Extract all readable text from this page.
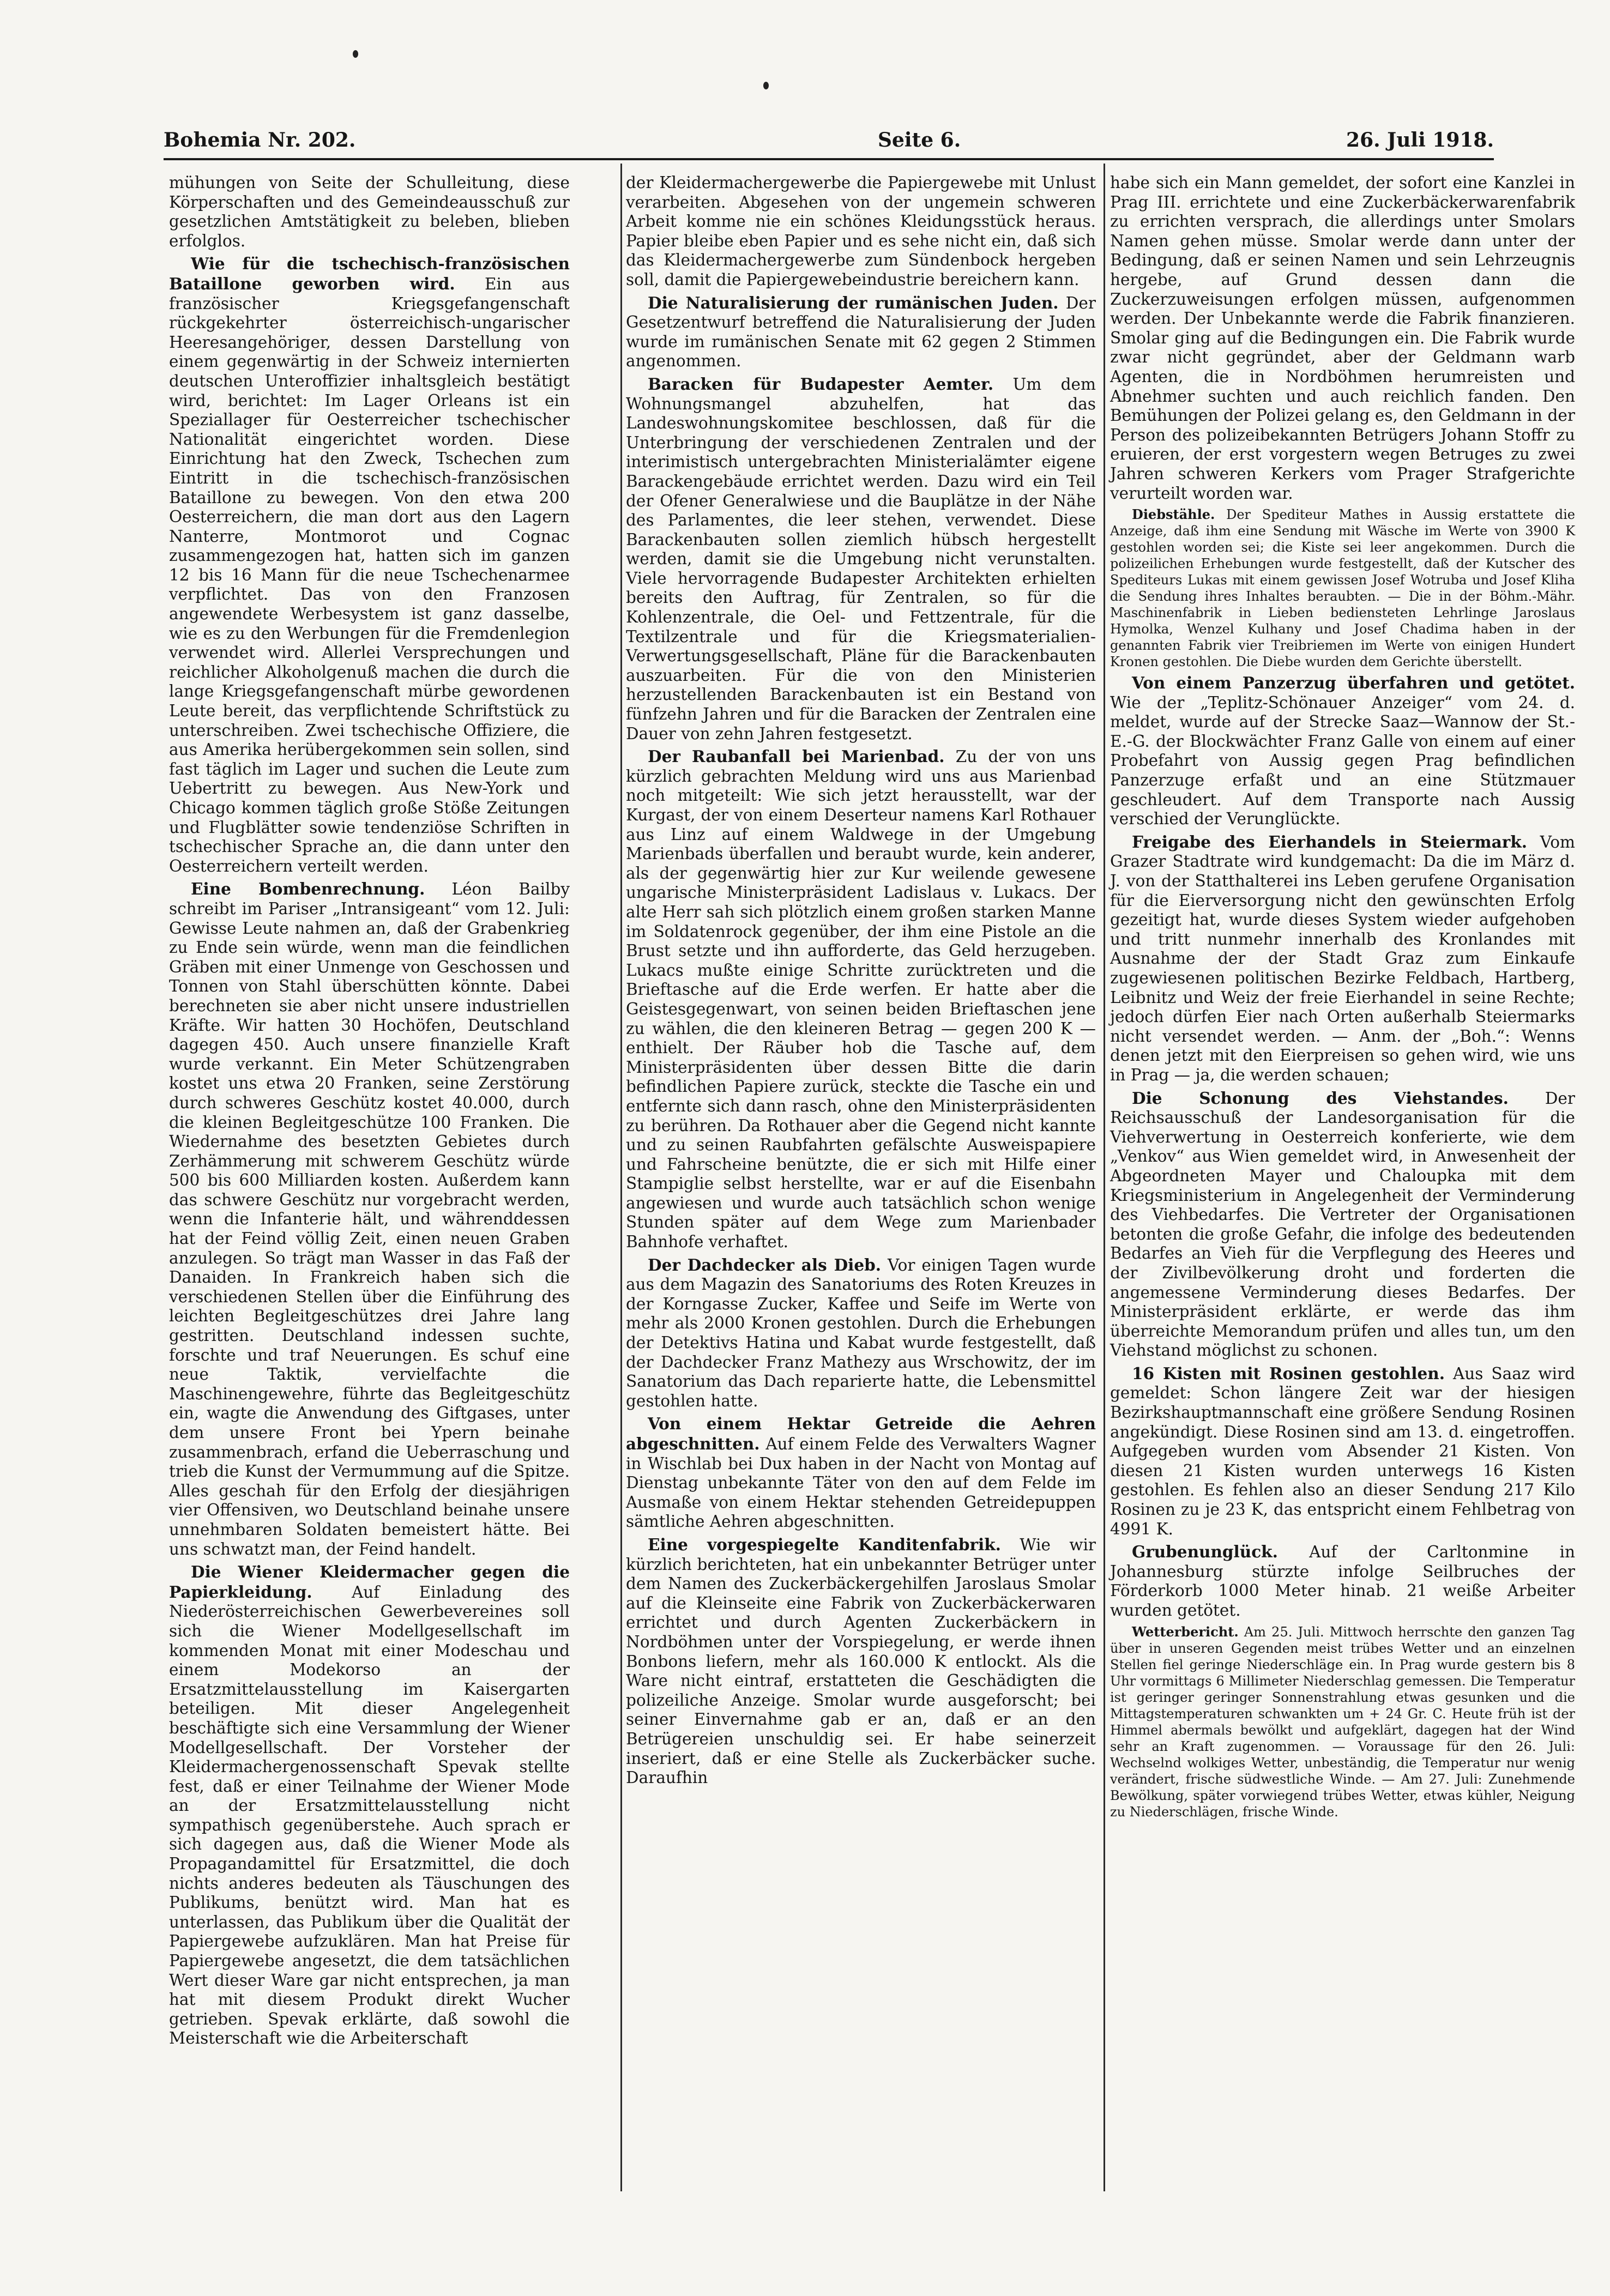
Bohemia Nr. 202.	Seite 6.	26. Juli 1918.

mühungen von Seite der Schulleitung, diese Körperschaften und des Gemeindeausschuß zur gesetzlichen Amtstätigkeit zu beleben, blieben erfolglos.

Wie für die tschechisch-französischen Bataillone geworben wird. Ein aus französischer Kriegsgefangenschaft rückgekehrter österreichisch-ungarischer Heeresangehöriger, dessen Darstellung von einem gegenwärtig in der Schweiz internierten deutschen Unteroffizier inhaltsgleich bestätigt wird, berichtet: Im Lager Orleans ist ein Speziallager für Oesterreicher tschechischer Nationalität eingerichtet worden. Diese Einrichtung hat den Zweck, Tschechen zum Eintritt in die tschechisch-französischen Bataillone zu bewegen. Von den etwa 200 Oesterreichern, die man dort aus den Lagern Nanterre, Montmorot und Cognac zusammengezogen hat, hatten sich im ganzen 12 bis 16 Mann für die neue Tschechenarmee verpflichtet. Das von den Franzosen angewendete Werbesystem ist ganz dasselbe, wie es zu den Werbungen für die Fremdenlegion verwendet wird. Allerlei Versprechungen und reichlicher Alkoholgenuß machen die durch die lange Kriegsgefangenschaft mürbe gewordenen Leute bereit, das verpflichtende Schriftstück zu unterschreiben. Zwei tschechische Offiziere, die aus Amerika herübergekommen sein sollen, sind fast täglich im Lager und suchen die Leute zum Uebertritt zu bewegen. Aus New-York und Chicago kommen täglich große Stöße Zeitungen und Flugblätter sowie tendenziöse Schriften in tschechischer Sprache an, die dann unter den Oesterreichern verteilt werden.

Eine Bombenrechnung. Léon Bailby schreibt im Pariser „Intransigeant“ vom 12. Juli: Gewisse Leute nahmen an, daß der Grabenkrieg zu Ende sein würde, wenn man die feindlichen Gräben mit einer Unmenge von Geschossen und Tonnen von Stahl überschütten könnte. Dabei berechneten sie aber nicht unsere industriellen Kräfte. Wir hatten 30 Hochöfen, Deutschland dagegen 450. Auch unsere finanzielle Kraft wurde verkannt. Ein Meter Schützengraben kostet uns etwa 20 Franken, seine Zerstörung durch schweres Geschütz kostet 40.000, durch die kleinen Begleitgeschütze 100 Franken. Die Wiedernahme des besetzten Gebietes durch Zerhämmerung mit schwerem Geschütz würde 500 bis 600 Milliarden kosten. Außerdem kann das schwere Geschütz nur vorgebracht werden, wenn die Infanterie hält, und währenddessen hat der Feind völlig Zeit, einen neuen Graben anzulegen. So trägt man Wasser in das Faß der Danaiden. In Frankreich haben sich die verschiedenen Stellen über die Einführung des leichten Begleitgeschützes drei Jahre lang gestritten. Deutschland indessen suchte, forschte und traf Neuerungen. Es schuf eine neue Taktik, vervielfachte die Maschinengewehre, führte das Begleitgeschütz ein, wagte die Anwendung des Giftgases, unter dem unsere Front bei Ypern beinahe zusammenbrach, erfand die Ueberraschung und trieb die Kunst der Vermummung auf die Spitze. Alles geschah für den Erfolg der diesjährigen vier Offensiven, wo Deutschland beinahe unsere unnehmbaren Soldaten bemeistert hätte. Bei uns schwatzt man, der Feind handelt.

Die Wiener Kleidermacher gegen die Papierkleidung. Auf Einladung des Niederösterreichischen Gewerbevereines soll sich die Wiener Modellgesellschaft im kommenden Monat mit einer Modeschau und einem Modekorso an der Ersatzmittelausstellung im Kaisergarten beteiligen. Mit dieser Angelegenheit beschäftigte sich eine Versammlung der Wiener Modellgesellschaft. Der Vorsteher der Kleidermachergenossenschaft Spevak stellte fest, daß er einer Teilnahme der Wiener Mode an der Ersatzmittelausstellung nicht sympathisch gegenüberstehe. Auch sprach er sich dagegen aus, daß die Wiener Mode als Propagandamittel für Ersatzmittel, die doch nichts anderes bedeuten als Täuschungen des Publikums, benützt wird. Man hat es unterlassen, das Publikum über die Qualität der Papiergewebe aufzuklären. Man hat Preise für Papiergewebe angesetzt, die dem tatsächlichen Wert dieser Ware gar nicht entsprechen, ja man hat mit diesem Produkt direkt Wucher getrieben. Spevak erklärte, daß sowohl die Meisterschaft wie die Arbeiterschaft

der Kleidermachergewerbe die Papiergewebe mit Unlust verarbeiten. Abgesehen von der ungemein schweren Arbeit komme nie ein schönes Kleidungsstück heraus. Papier bleibe eben Papier und es sehe nicht ein, daß sich das Kleidermachergewerbe zum Sündenbock hergeben soll, damit die Papiergewebeindustrie bereichern kann.

Die Naturalisierung der rumänischen Juden. Der Gesetzentwurf betreffend die Naturalisierung der Juden wurde im rumänischen Senate mit 62 gegen 2 Stimmen angenommen.

Baracken für Budapester Aemter. Um dem Wohnungsmangel abzuhelfen, hat das Landeswohnungskomitee beschlossen, daß für die Unterbringung der verschiedenen Zentralen und der interimistisch untergebrachten Ministerialämter eigene Barackengebäude errichtet werden. Dazu wird ein Teil der Ofener Generalwiese und die Bauplätze in der Nähe des Parlamentes, die leer stehen, verwendet. Diese Barackenbauten sollen ziemlich hübsch hergestellt werden, damit sie die Umgebung nicht verunstalten. Viele hervorragende Budapester Architekten erhielten bereits den Auftrag, für Zentralen, so für die Kohlenzentrale, die Oel- und Fettzentrale, für die Textilzentrale und für die Kriegsmaterialien-Verwertungsgesellschaft, Pläne für die Barackenbauten auszuarbeiten. Für die von den Ministerien herzustellenden Barackenbauten ist ein Bestand von fünfzehn Jahren und für die Baracken der Zentralen eine Dauer von zehn Jahren festgesetzt.

Der Raubanfall bei Marienbad. Zu der von uns kürzlich gebrachten Meldung wird uns aus Marienbad noch mitgeteilt: Wie sich jetzt herausstellt, war der Kurgast, der von einem Deserteur namens Karl Rothauer aus Linz auf einem Waldwege in der Umgebung Marienbads überfallen und beraubt wurde, kein anderer, als der gegenwärtig hier zur Kur weilende gewesene ungarische Ministerpräsident Ladislaus v. Lukacs. Der alte Herr sah sich plötzlich einem großen starken Manne im Soldatenrock gegenüber, der ihm eine Pistole an die Brust setzte und ihn aufforderte, das Geld herzugeben. Lukacs mußte einige Schritte zurücktreten und die Brieftasche auf die Erde werfen. Er hatte aber die Geistesgegenwart, von seinen beiden Brieftaschen jene zu wählen, die den kleineren Betrag — gegen 200 K — enthielt. Der Räuber hob die Tasche auf, dem Ministerpräsidenten über dessen Bitte die darin befindlichen Papiere zurück, steckte die Tasche ein und entfernte sich dann rasch, ohne den Ministerpräsidenten zu berühren. Da Rothauer aber die Gegend nicht kannte und zu seinen Raubfahrten gefälschte Ausweispapiere und Fahrscheine benützte, die er sich mit Hilfe einer Stampiglie selbst herstellte, war er auf die Eisenbahn angewiesen und wurde auch tatsächlich schon wenige Stunden später auf dem Wege zum Marienbader Bahnhofe verhaftet.

Der Dachdecker als Dieb. Vor einigen Tagen wurde aus dem Magazin des Sanatoriums des Roten Kreuzes in der Korngasse Zucker, Kaffee und Seife im Werte von mehr als 2000 Kronen gestohlen. Durch die Erhebungen der Detektivs Hatina und Kabat wurde festgestellt, daß der Dachdecker Franz Mathezy aus Wrschowitz, der im Sanatorium das Dach reparierte hatte, die Lebensmittel gestohlen hatte.

Von einem Hektar Getreide die Aehren abgeschnitten. Auf einem Felde des Verwalters Wagner in Wischlab bei Dux haben in der Nacht von Montag auf Dienstag unbekannte Täter von den auf dem Felde im Ausmaße von einem Hektar stehenden Getreidepuppen sämtliche Aehren abgeschnitten.

Eine vorgespiegelte Kanditenfabrik. Wie wir kürzlich berichteten, hat ein unbekannter Betrüger unter dem Namen des Zuckerbäckergehilfen Jaroslaus Smolar auf die Kleinseite eine Fabrik von Zuckerbäckerwaren errichtet und durch Agenten Zuckerbäckern in Nordböhmen unter der Vorspiegelung, er werde ihnen Bonbons liefern, mehr als 160.000 K entlockt. Als die Ware nicht eintraf, erstatteten die Geschädigten die polizeiliche Anzeige. Smolar wurde ausgeforscht; bei seiner Einvernahme gab er an, daß er an den Betrügereien unschuldig sei. Er habe seinerzeit inseriert, daß er eine Stelle als Zuckerbäcker suche. Daraufhin

habe sich ein Mann gemeldet, der sofort eine Kanzlei in Prag III. errichtete und eine Zuckerbäckerwarenfabrik zu errichten versprach, die allerdings unter Smolars Namen gehen müsse. Smolar werde dann unter der Bedingung, daß er seinen Namen und sein Lehrzeugnis hergebe, auf Grund dessen dann die Zuckerzuweisungen erfolgen müssen, aufgenommen werden. Der Unbekannte werde die Fabrik finanzieren. Smolar ging auf die Bedingungen ein. Die Fabrik wurde zwar nicht gegründet, aber der Geldmann warb Agenten, die in Nordböhmen herumreisten und Abnehmer suchten und auch reichlich fanden. Den Bemühungen der Polizei gelang es, den Geldmann in der Person des polizeibekannten Betrügers Johann Stoffr zu eruieren, der erst vorgestern wegen Betruges zu zwei Jahren schweren Kerkers vom Prager Strafgerichte verurteilt worden war.

Diebstähle. Der Spediteur Mathes in Aussig erstattete die Anzeige, daß ihm eine Sendung mit Wäsche im Werte von 3900 K gestohlen worden sei; die Kiste sei leer angekommen. Durch die polizeilichen Erhebungen wurde festgestellt, daß der Kutscher des Spediteurs Lukas mit einem gewissen Josef Wotruba und Josef Kliha die Sendung ihres Inhaltes beraubten. — Die in der Böhm.-Mähr. Maschinenfabrik in Lieben bediensteten Lehrlinge Jaroslaus Hymolka, Wenzel Kulhany und Josef Chadima haben in der genannten Fabrik vier Treibriemen im Werte von einigen Hundert Kronen gestohlen. Die Diebe wurden dem Gerichte überstellt.

Von einem Panzerzug überfahren und getötet. Wie der „Teplitz-Schönauer Anzeiger“ vom 24. d. meldet, wurde auf der Strecke Saaz—Wannow der St.-E.-G. der Blockwächter Franz Galle von einem auf einer Probefahrt von Aussig gegen Prag befindlichen Panzerzuge erfaßt und an eine Stützmauer geschleudert. Auf dem Transporte nach Aussig verschied der Verunglückte.

Freigabe des Eierhandels in Steiermark. Vom Grazer Stadtrate wird kundgemacht: Da die im März d. J. von der Statthalterei ins Leben gerufene Organisation für die Eierversorgung nicht den gewünschten Erfolg gezeitigt hat, wurde dieses System wieder aufgehoben und tritt nunmehr innerhalb des Kronlandes mit Ausnahme der der Stadt Graz zum Einkaufe zugewiesenen politischen Bezirke Feldbach, Hartberg, Leibnitz und Weiz der freie Eierhandel in seine Rechte; jedoch dürfen Eier nach Orten außerhalb Steiermarks nicht versendet werden. — Anm. der „Boh.“: Wenns denen jetzt mit den Eierpreisen so gehen wird, wie uns in Prag — ja, die werden schauen;

Die Schonung des Viehstandes. Der Reichsausschuß der Landesorganisation für die Viehverwertung in Oesterreich konferierte, wie dem „Venkov“ aus Wien gemeldet wird, in Anwesenheit der Abgeordneten Mayer und Chaloupka mit dem Kriegsministerium in Angelegenheit der Verminderung des Viehbedarfes. Die Vertreter der Organisationen betonten die große Gefahr, die infolge des bedeutenden Bedarfes an Vieh für die Verpflegung des Heeres und der Zivilbevölkerung droht und forderten die angemessene Verminderung dieses Bedarfes. Der Ministerpräsident erklärte, er werde das ihm überreichte Memorandum prüfen und alles tun, um den Viehstand möglichst zu schonen.

16 Kisten mit Rosinen gestohlen. Aus Saaz wird gemeldet: Schon längere Zeit war der hiesigen Bezirkshauptmannschaft eine größere Sendung Rosinen angekündigt. Diese Rosinen sind am 13. d. eingetroffen. Aufgegeben wurden vom Absender 21 Kisten. Von diesen 21 Kisten wurden unterwegs 16 Kisten gestohlen. Es fehlen also an dieser Sendung 217 Kilo Rosinen zu je 23 K, das entspricht einem Fehlbetrag von 4991 K.

Grubenunglück. Auf der Carltonmine in Johannesburg stürzte infolge Seilbruches der Förderkorb 1000 Meter hinab. 21 weiße Arbeiter wurden getötet.

Wetterbericht. Am 25. Juli. Mittwoch herrschte den ganzen Tag über in unseren Gegenden meist trübes Wetter und an einzelnen Stellen fiel geringe Niederschläge ein. In Prag wurde gestern bis 8 Uhr vormittags 6 Millimeter Niederschlag gemessen. Die Temperatur ist geringer geringer Sonnenstrahlung etwas gesunken und die Mittagstemperaturen schwankten um + 24 Gr. C. Heute früh ist der Himmel abermals bewölkt und aufgeklärt, dagegen hat der Wind sehr an Kraft zugenommen. — Voraussage für den 26. Juli: Wechselnd wolkiges Wetter, unbeständig, die Temperatur nur wenig verändert, frische südwestliche Winde. — Am 27. Juli: Zunehmende Bewölkung, später vorwiegend trübes Wetter, etwas kühler, Neigung zu Niederschlägen, frische Winde.
